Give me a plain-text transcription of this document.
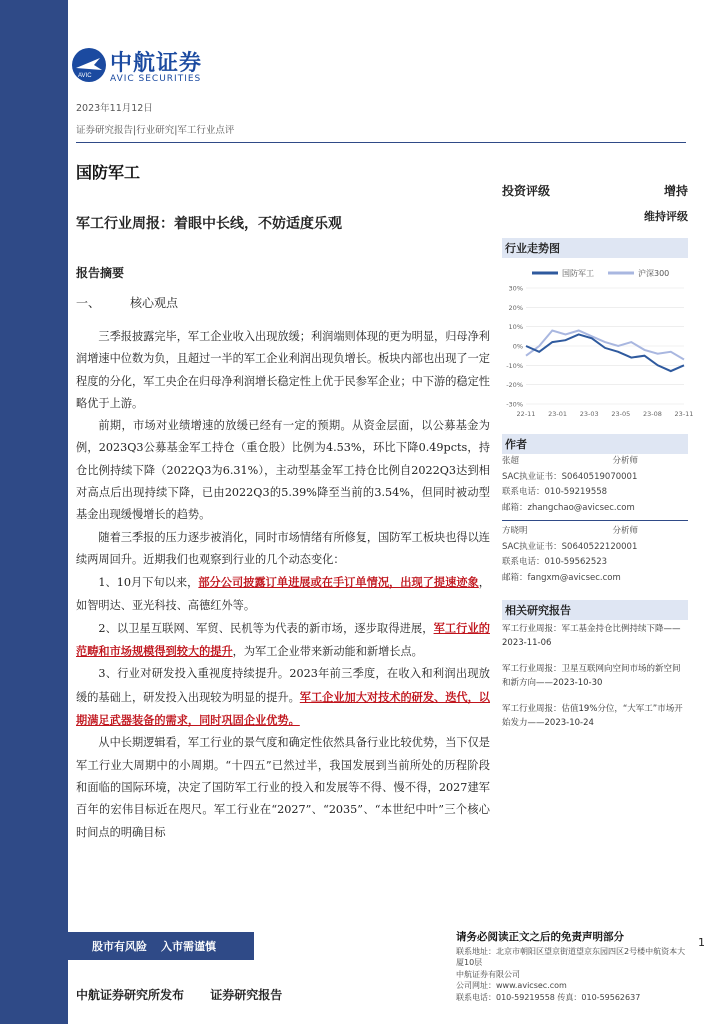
AVIC 中航证券
AVIC SECURITIES
2023年11月12日
证券研究报告|行业研究|军工行业点评
国防军工
军工行业周报：着眼中长线，不妨适度乐观
报告摘要
一、	核心观点

三季报披露完毕，军工企业收入出现放缓；利润端则体现的更为明显，归母净利润增速中位数为负，且超过一半的军工企业利润出现负增长。板块内部也出现了一定程度的分化，军工央企在归母净利润增长稳定性上优于民参军企业；中下游的稳定性略优于上游。

前期，市场对业绩增速的放缓已经有一定的预期。从资金层面，以公募基金为例，2023Q3公募基金军工持仓（重仓股）比例为4.53%，环比下降0.49pcts，持仓比例持续下降（2022Q3为6.31%），主动型基金军工持仓比例自2022Q3达到相对高点后出现持续下降，已由2022Q3的5.39%降至当前的3.54%，但同时被动型基金出现缓慢增长的趋势。

随着三季报的压力逐步被消化，同时市场情绪有所修复，国防军工板块也得以连续两周回升。近期我们也观察到行业的几个动态变化：

1、10月下旬以来，部分公司披露订单进展或在手订单情况，出现了提速迹象，如智明达、亚光科技、高德红外等。

2、以卫星互联网、军贸、民机等为代表的新市场，逐步取得进展，军工行业的范畴和市场规模得到较大的提升，为军工企业带来新动能和新增长点。

3、行业对研发投入重视度持续提升。2023年前三季度，在收入和利润出现放缓的基础上，研发投入出现较为明显的提升。军工企业加大对技术的研发、迭代，以期满足武器装备的需求，同时巩固企业优势。

从中长期逻辑看，军工行业的景气度和确定性依然具备行业比较优势，当下仅是军工行业大周期中的小周期。“十四五”已然过半，我国发展到当前所处的历程阶段和面临的国际环境，决定了国防军工行业的投入和发展等不得、慢不得，2027建军百年的宏伟目标近在咫尺。军工行业在“2027”、“2035”、“本世纪中叶”三个核心时间点的明确目标

投资评级	增持
维持评级
行业走势图
国防军工	沪深300
30%
20%
10%
0%
-10%
-20%
-30%
22-11 23-01 23-03 23-05 23-08 23-11
作者
张超	分析师
SAC执业证书：S0640519070001
联系电话：010-59219558
邮箱：zhangchao@avicsec.com
方晓明	分析师
SAC执业证书：S0640522120001
联系电话：010-59562523
邮箱：fangxm@avicsec.com
相关研究报告
军工行业周报：军工基金持仓比例持续下降——2023-11-06
军工行业周报：卫星互联网向空间市场的新空间和新方向——2023-10-30
军工行业周报：估值19%分位，“大军工”市场开始发力——2023-10-24
股市有风险 入市需谨慎
请务必阅读正文之后的免责声明部分
联系地址：北京市朝阳区望京街道望京东园四区2号楼中航资本大厦10层
中航证券有限公司
公司网址：www.avicsec.com
联系电话：010-59219558 传真：010-59562637
1
中航证券研究所发布 证券研究报告
